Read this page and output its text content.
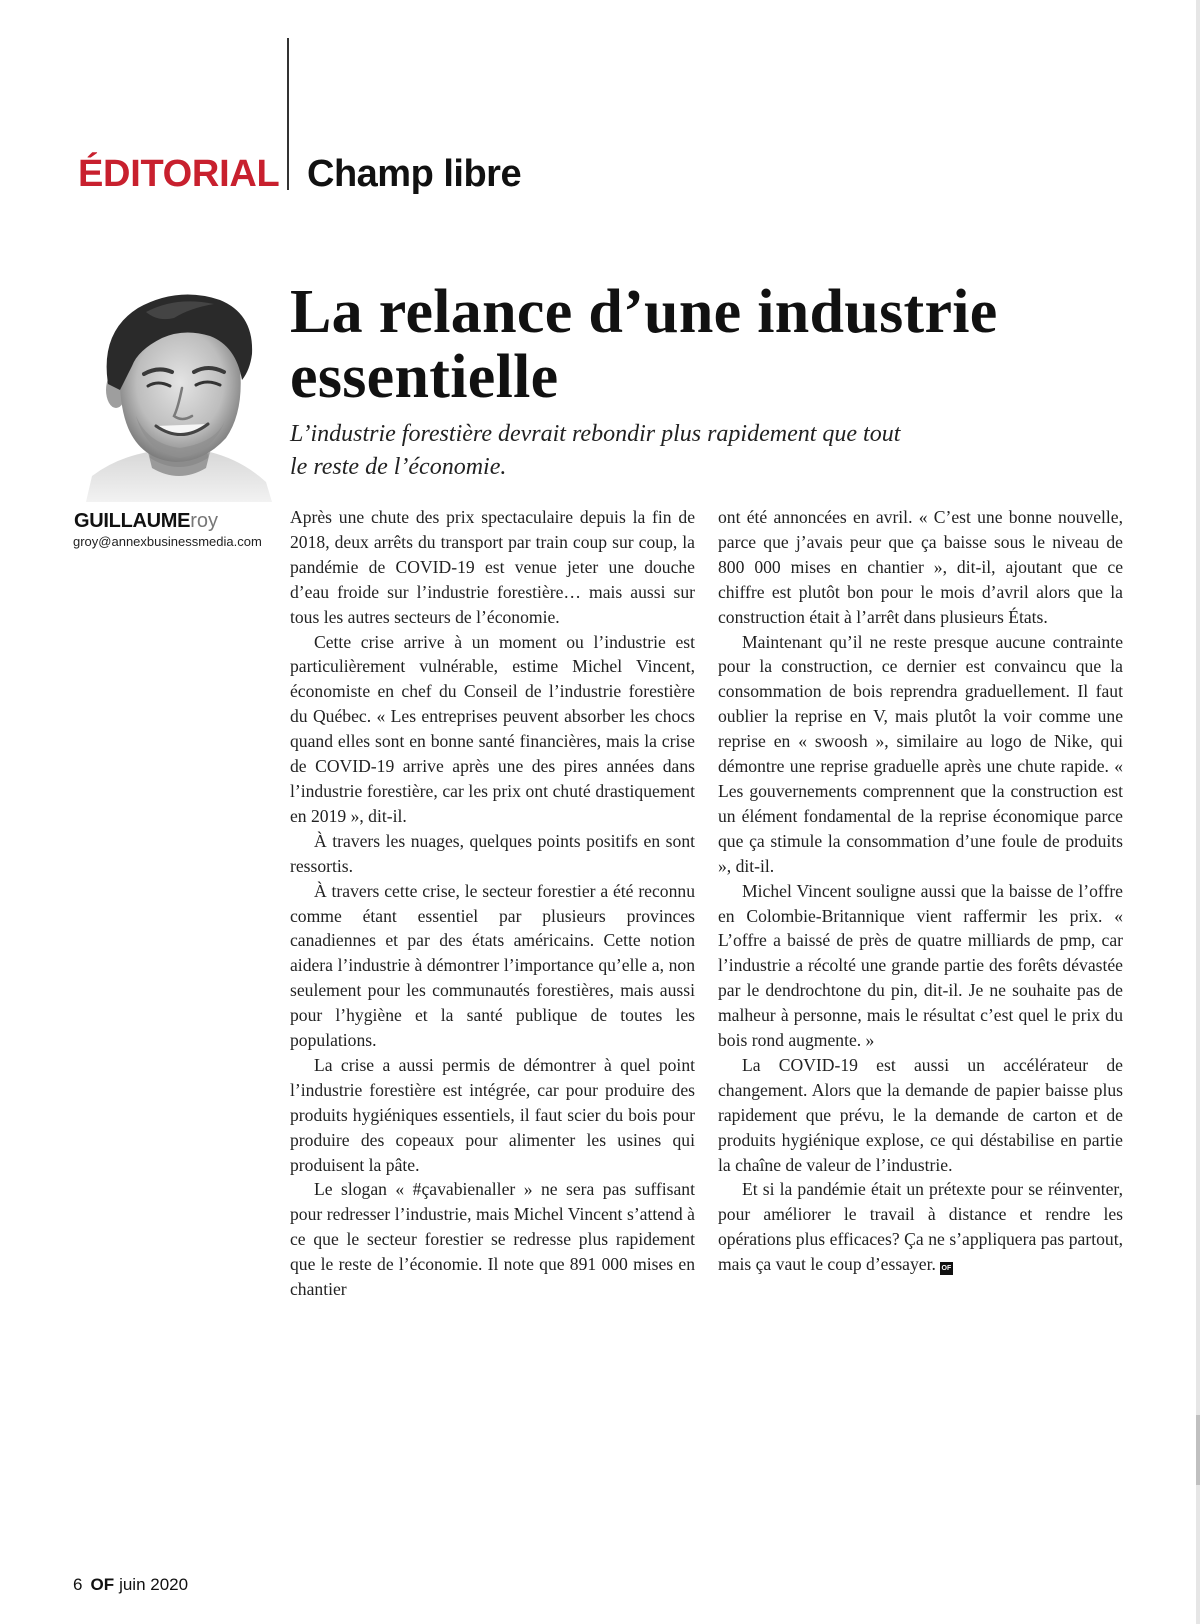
ÉDITORIAL Champ libre
GUILLAUMEroy
groy@annexbusinessmedia.com
La relance d’une industrie essentielle

L’industrie forestière devrait rebondir plus rapidement que tout le reste de l’économie.

Après une chute des prix spectaculaire depuis la fin de 2018, deux arrêts du transport par train coup sur coup, la pandémie de COVID-19 est venue jeter une douche d’eau froide sur l’industrie forestière… mais aussi sur tous les autres secteurs de l’économie.

Cette crise arrive à un moment ou l’industrie est particulièrement vulnérable, estime Michel Vincent, économiste en chef du Conseil de l’industrie forestière du Québec. « Les entreprises peuvent absorber les chocs quand elles sont en bonne santé financières, mais la crise de COVID-19 arrive après une des pires années dans l’industrie forestière, car les prix ont chuté drastiquement en 2019 », dit-il.

À travers les nuages, quelques points positifs en sont ressortis.

À travers cette crise, le secteur forestier a été reconnu comme étant essentiel par plusieurs provinces canadiennes et par des états américains. Cette notion aidera l’industrie à démontrer l’importance qu’elle a, non seulement pour les communautés forestières, mais aussi pour l’hygiène et la santé publique de toutes les populations.

La crise a aussi permis de démontrer à quel point l’industrie forestière est intégrée, car pour produire des produits hygiéniques essentiels, il faut scier du bois pour produire des copeaux pour alimenter les usines qui produisent la pâte.

Le slogan « #çavabienaller » ne sera pas suffisant pour redresser l’industrie, mais Michel Vincent s’attend à ce que le secteur forestier se redresse plus rapidement que le reste de l’économie. Il note que 891 000 mises en chantier

ont été annoncées en avril. « C’est une bonne nouvelle, parce que j’avais peur que ça baisse sous le niveau de 800 000 mises en chantier », dit-il, ajoutant que ce chiffre est plutôt bon pour le mois d’avril alors que la construction était à l’arrêt dans plusieurs États.

Maintenant qu’il ne reste presque aucune contrainte pour la construction, ce dernier est convaincu que la consommation de bois reprendra graduellement. Il faut oublier la reprise en V, mais plutôt la voir comme une reprise en « swoosh », similaire au logo de Nike, qui démontre une reprise graduelle après une chute rapide. « Les gouvernements comprennent que la construction est un élément fondamental de la reprise économique parce que ça stimule la consommation d’une foule de produits », dit-il.

Michel Vincent souligne aussi que la baisse de l’offre en Colombie-Britannique vient raffermir les prix. « L’offre a baissé de près de quatre milliards de pmp, car l’industrie a récolté une grande partie des forêts dévastée par le dendrochtone du pin, dit-il. Je ne souhaite pas de malheur à personne, mais le résultat c’est quel le prix du bois rond augmente. »

La COVID-19 est aussi un accélérateur de changement. Alors que la demande de papier baisse plus rapidement que prévu, le la demande de carton et de produits hygiénique explose, ce qui déstabilise en partie la chaîne de valeur de l’industrie.

Et si la pandémie était un prétexte pour se réinventer, pour améliorer le travail à distance et rendre les opérations plus efficaces? Ça ne s’appliquera pas partout, mais ça vaut le coup d’essayer. OF

6 OF juin 2020
